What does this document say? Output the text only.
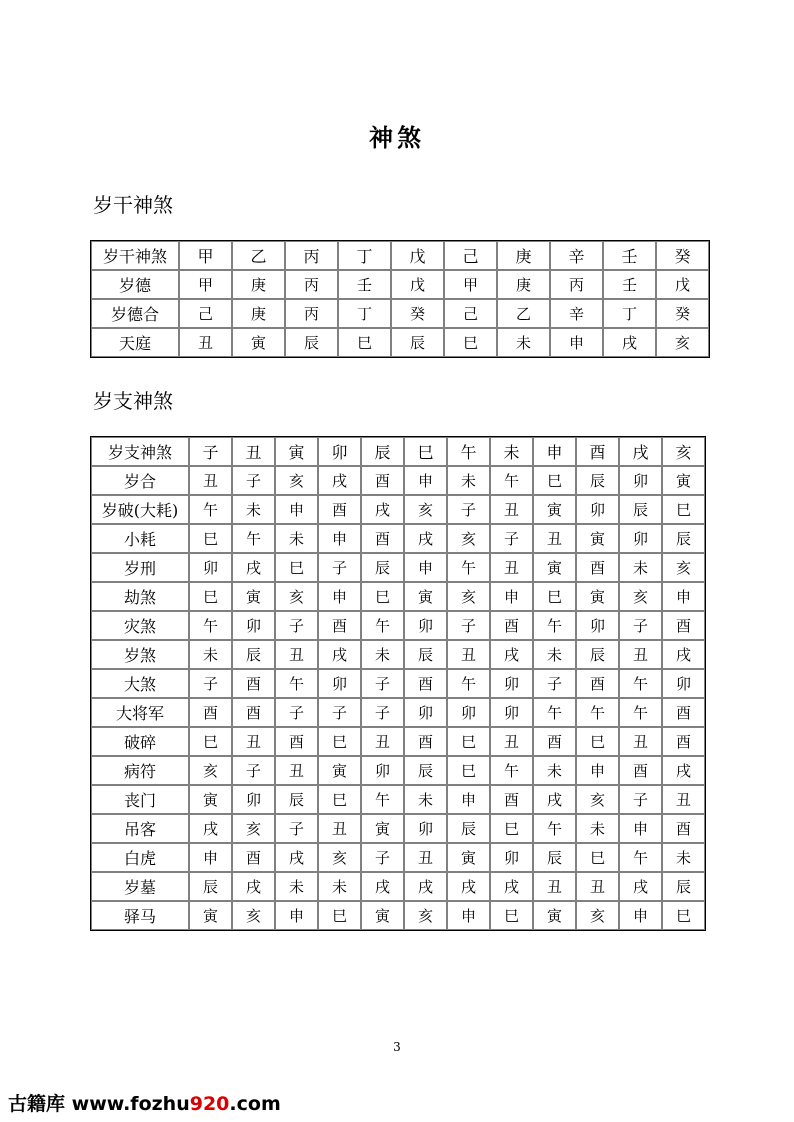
神煞
岁干神煞
岁干神煞	甲	乙	丙	丁	戊	己	庚	辛	壬	癸
岁德	甲	庚	丙	壬	戊	甲	庚	丙	壬	戊
岁德合	己	庚	丙	丁	癸	己	乙	辛	丁	癸
天庭	丑	寅	辰	巳	辰	巳	未	申	戌	亥
岁支神煞
岁支神煞	子	丑	寅	卯	辰	巳	午	未	申	酉	戌	亥
岁合	丑	子	亥	戌	酉	申	未	午	巳	辰	卯	寅
岁破(大耗)	午	未	申	酉	戌	亥	子	丑	寅	卯	辰	巳
小耗	巳	午	未	申	酉	戌	亥	子	丑	寅	卯	辰
岁刑	卯	戌	巳	子	辰	申	午	丑	寅	酉	未	亥
劫煞	巳	寅	亥	申	巳	寅	亥	申	巳	寅	亥	申
灾煞	午	卯	子	酉	午	卯	子	酉	午	卯	子	酉
岁煞	未	辰	丑	戌	未	辰	丑	戌	未	辰	丑	戌
大煞	子	酉	午	卯	子	酉	午	卯	子	酉	午	卯
大将军	酉	酉	子	子	子	卯	卯	卯	午	午	午	酉
破碎	巳	丑	酉	巳	丑	酉	巳	丑	酉	巳	丑	酉
病符	亥	子	丑	寅	卯	辰	巳	午	未	申	酉	戌
丧门	寅	卯	辰	巳	午	未	申	酉	戌	亥	子	丑
吊客	戌	亥	子	丑	寅	卯	辰	巳	午	未	申	酉
白虎	申	酉	戌	亥	子	丑	寅	卯	辰	巳	午	未
岁墓	辰	戌	未	未	戌	戌	戌	戌	丑	丑	戌	辰
驿马	寅	亥	申	巳	寅	亥	申	巳	寅	亥	申	巳
3
古籍库 www.fozhu920.com
